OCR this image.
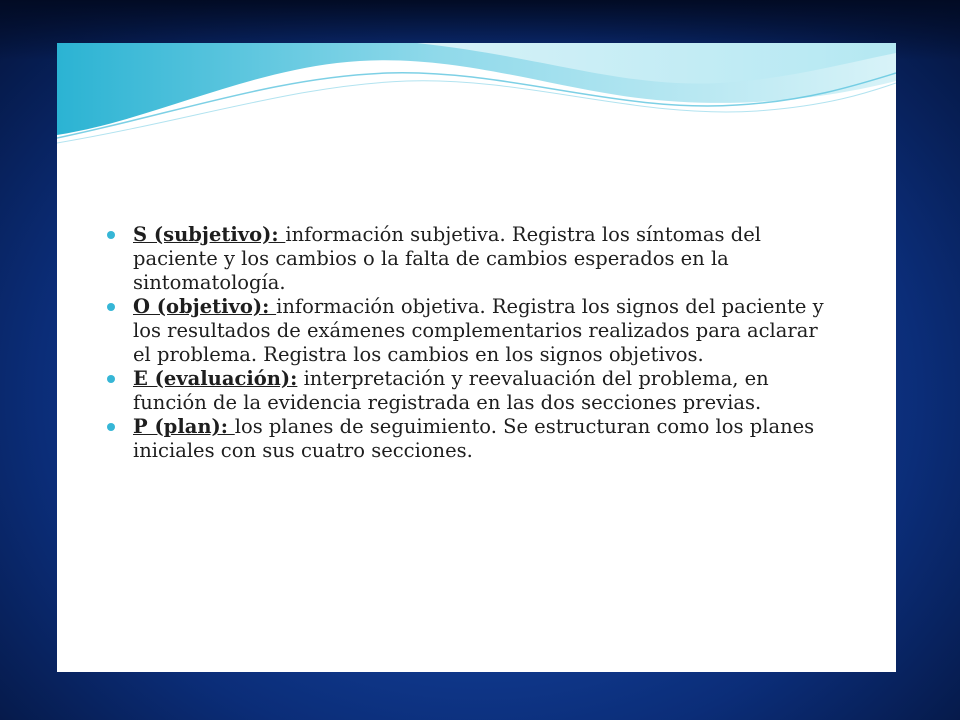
S (subjetivo): información subjetiva. Registra los síntomas del paciente y los cambios o la falta de cambios esperados en la sintomatología.
O (objetivo): información objetiva. Registra los signos del paciente y los resultados de exámenes complementarios realizados para aclarar el problema. Registra los cambios en los signos objetivos.
E (evaluación): interpretación y reevaluación del problema, en función de la evidencia registrada en las dos secciones previas.
P (plan): los planes de seguimiento. Se estructuran como los planes iniciales con sus cuatro secciones.
